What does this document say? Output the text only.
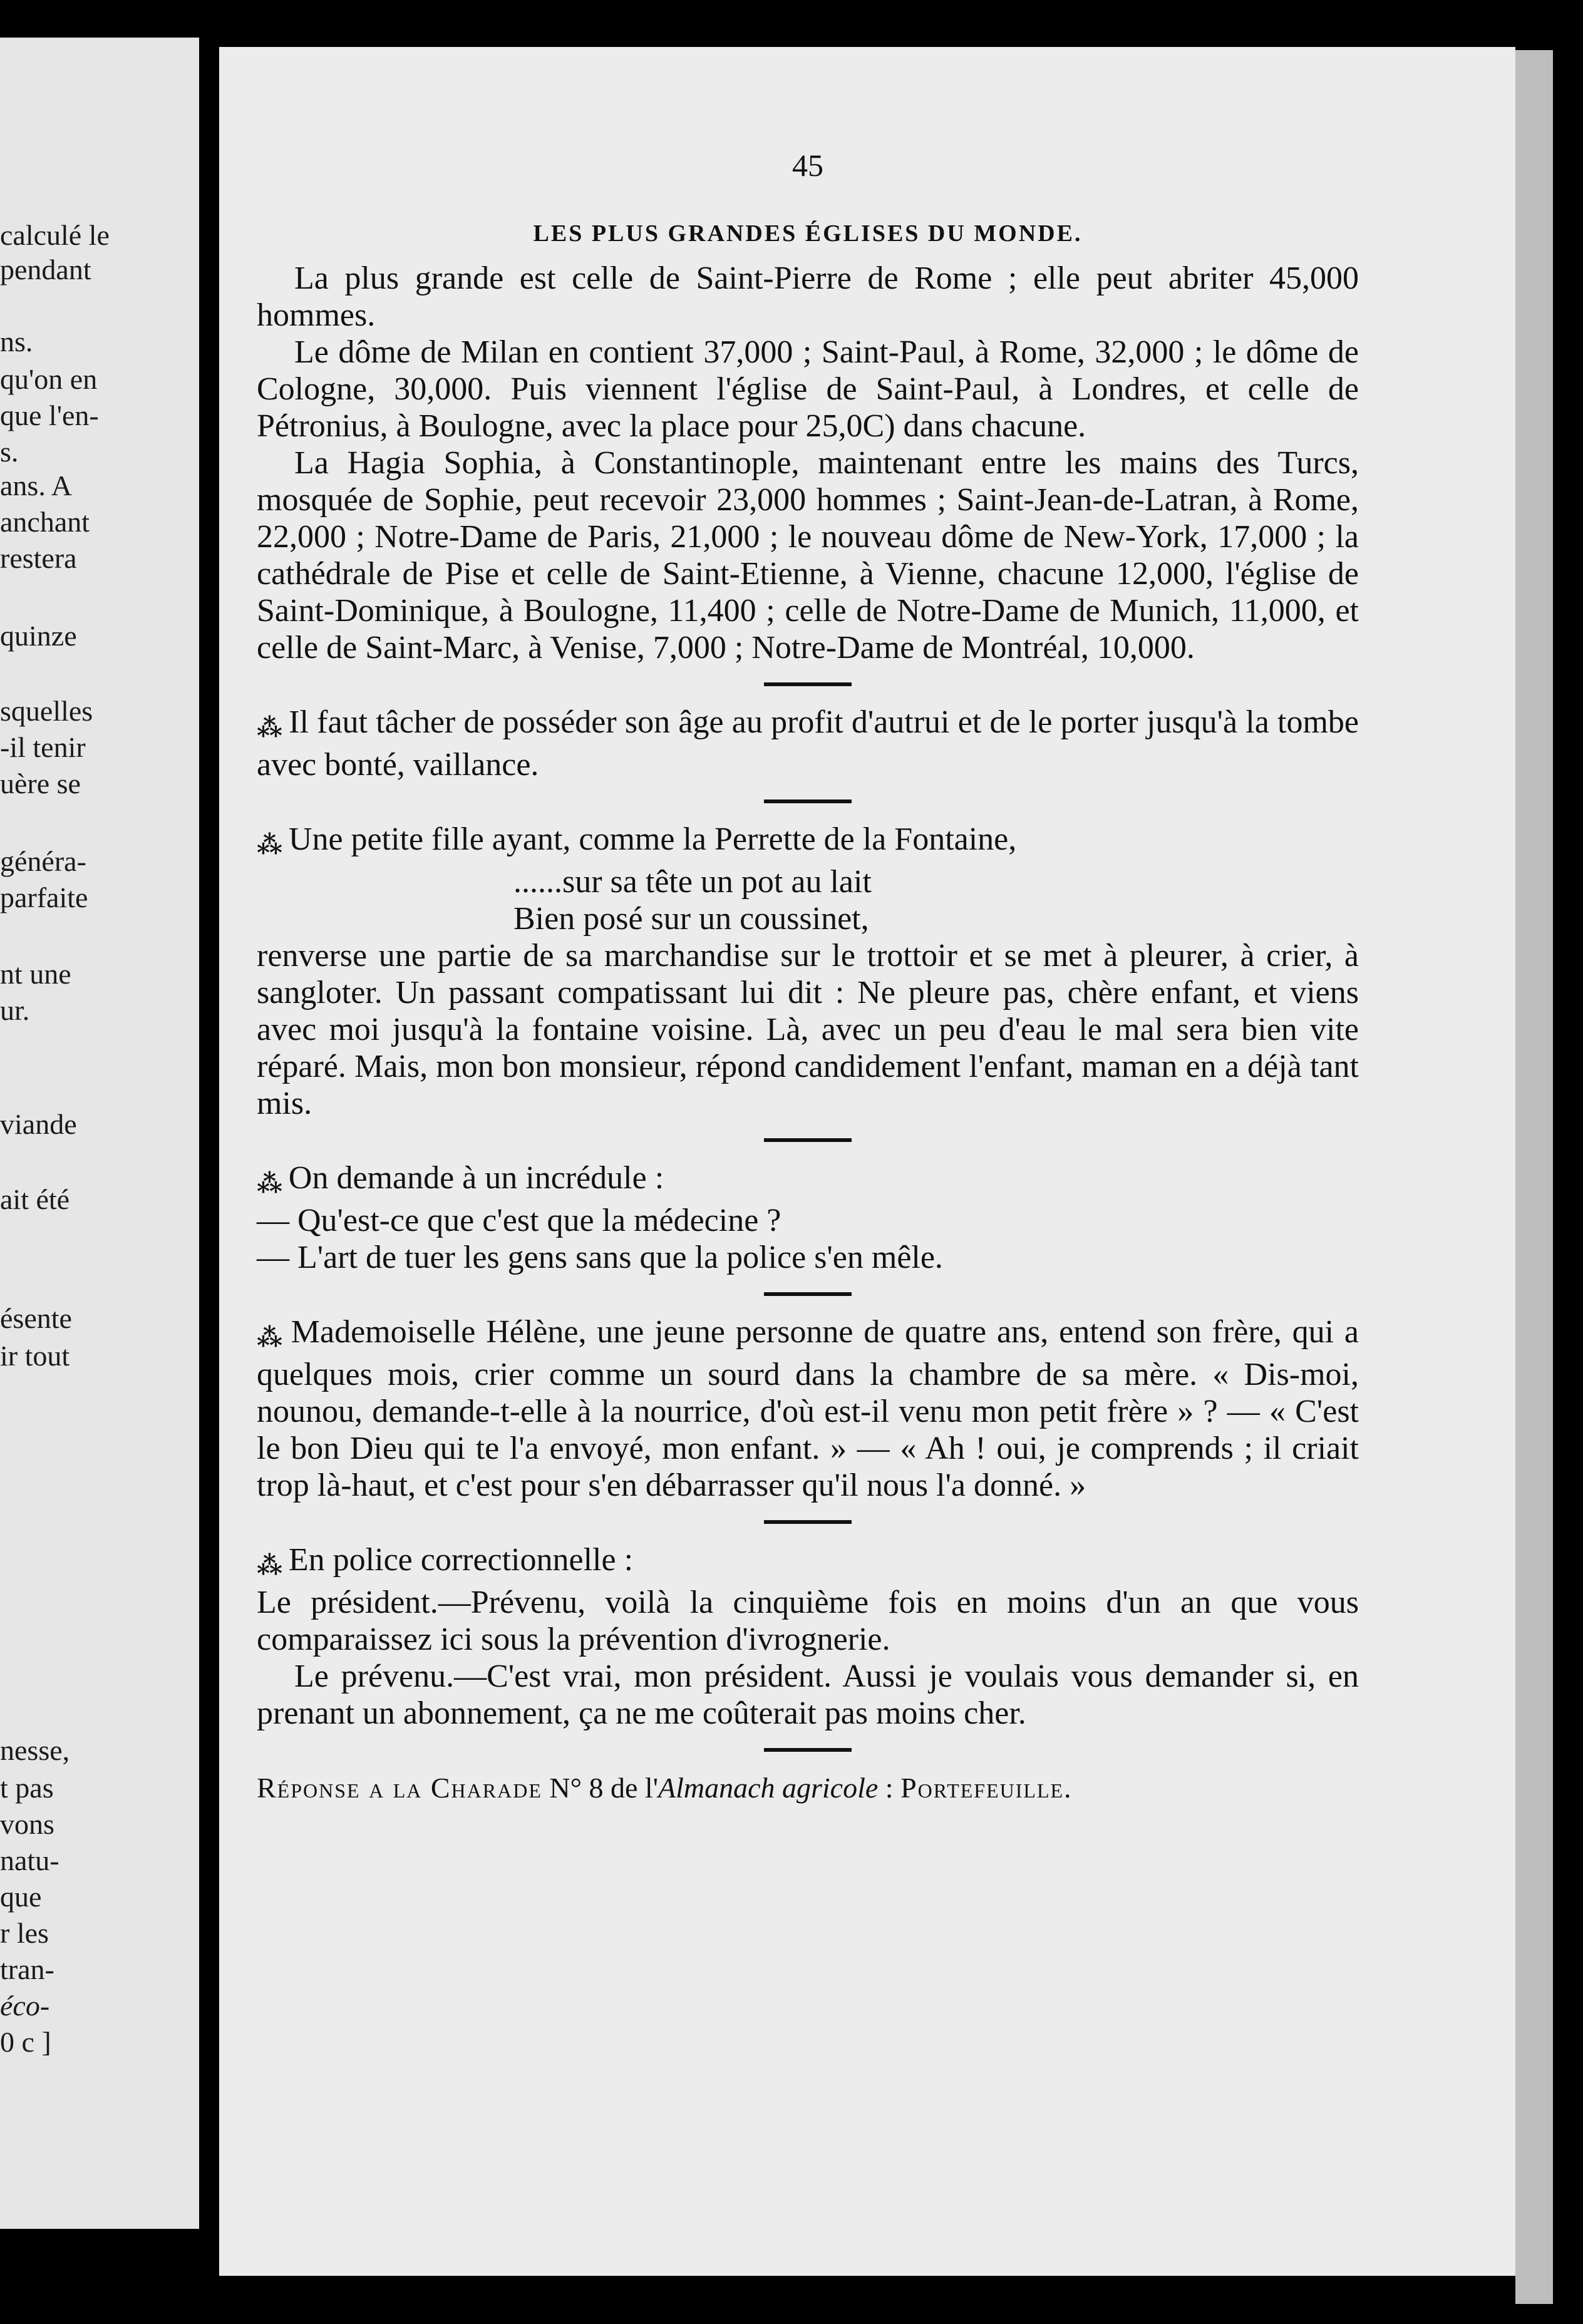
calculé le
pendant
ns.
qu'on en
que l'en-
s.
ans. A
anchant
restera
quinze
squelles
-il tenir
uère se
généra-
parfaite
nt une
ur.
viande
ait été
ésente
ir tout
nesse,
t pas
vons
natu-
que
r les
tran-
éco-
0 c ]
45
LES PLUS GRANDES ÉGLISES DU MONDE.

La plus grande est celle de Saint-Pierre de Rome ; elle peut abriter 45,000 hommes.

Le dôme de Milan en contient 37,000 ; Saint-Paul, à Rome, 32,000 ; le dôme de Cologne, 30,000. Puis viennent l'église de Saint-Paul, à Londres, et celle de Pétronius, à Boulogne, avec la place pour 25,0C) dans chacune.

La Hagia Sophia, à Constantinople, maintenant entre les mains des Turcs, mosquée de Sophie, peut recevoir 23,000 hommes ; Saint-Jean-de-Latran, à Rome, 22,000 ; Notre-Dame de Paris, 21,000 ; le nouveau dôme de New-York, 17,000 ; la cathédrale de Pise et celle de Saint-Etienne, à Vienne, chacune 12,000, l'église de Saint-Dominique, à Boulogne, 11,400 ; celle de Notre-Dame de Munich, 11,000, et celle de Saint-Marc, à Venise, 7,000 ; Notre-Dame de Montréal, 10,000.

⁂ Il faut tâcher de posséder son âge au profit d'autrui et de le porter jusqu'à la tombe avec bonté, vaillance.

⁂ Une petite fille ayant, comme la Perrette de la Fontaine,

......sur sa tête un pot au lait

Bien posé sur un coussinet,

renverse une partie de sa marchandise sur le trottoir et se met à pleurer, à crier, à sangloter. Un passant compatissant lui dit : Ne pleure pas, chère enfant, et viens avec moi jusqu'à la fontaine voisine. Là, avec un peu d'eau le mal sera bien vite réparé. Mais, mon bon monsieur, répond candidement l'enfant, maman en a déjà tant mis.

⁂ On demande à un incrédule :

— Qu'est-ce que c'est que la médecine ?

— L'art de tuer les gens sans que la police s'en mêle.

⁂ Mademoiselle Hélène, une jeune personne de quatre ans, entend son frère, qui a quelques mois, crier comme un sourd dans la chambre de sa mère. « Dis-moi, nounou, demande-t-elle à la nourrice, d'où est-il venu mon petit frère » ? — « C'est le bon Dieu qui te l'a envoyé, mon enfant. » — « Ah ! oui, je comprends ; il criait trop là-haut, et c'est pour s'en débarrasser qu'il nous l'a donné. »

⁂ En police correctionnelle :

Le président.—Prévenu, voilà la cinquième fois en moins d'un an que vous comparaissez ici sous la prévention d'ivrognerie.

Le prévenu.—C'est vrai, mon président. Aussi je voulais vous demander si, en prenant un abonnement, ça ne me coûterait pas moins cher.

Réponse a la Charade N° 8 de l'Almanach agricole : Portefeuille.
